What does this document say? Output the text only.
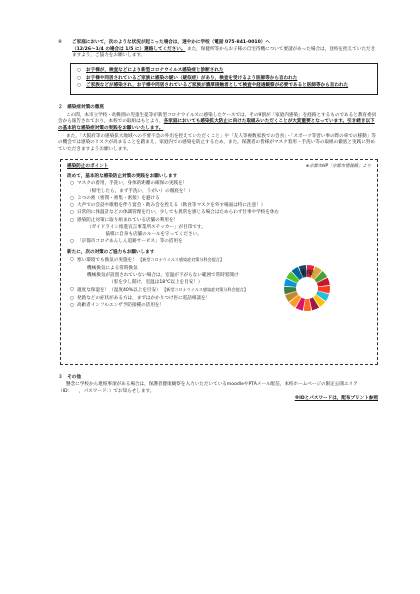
⑧	ご家庭において，次のような状況が起こった場合は，速やかに学校（電話 075-841-0010）へ
（12/26～1/4 の場合は 1/5 に）連絡してください。 また，保健所等からお子様の自宅待機について要請があった場合は，登校を控えていただきますよう，ご協力をお願いします。
○	お子様が，検査などにより新型コロナウイルス感染症と診断された
○	お子様や同居されているご家族に感染の疑い（疑似症）があり，検査を受けるよう医師等から言われた
○	ご家族などが感染され，お子様や同居されているご家族が濃厚接触者として検査や経過観察が必要であると医師等から言われた
２　感染症対策の徹底

この間，本市立学校・幼稚園の児童生徒等が新型コロナウイルスに感染したケースでは，その9割が「家庭内感染」を経路とするものであると教育委員会から報告されており，本校での取組はもとより，各家庭においても感染拡大防止に向けた取組みいただくことが大変重要となっています。引き続き以下の基本的な感染症対策の実践をお願いいたします。

また，「大阪府等の感染拡大地域への不要不急の外出を控えていただくこと」や「友人等複数家族での会食」・「スポーツ等習い事の際の車での移動」等の機会では感染のリスクが高まることを踏まえ，家庭内での感染を防止するため，また，保護者の皆様がマスク着用・手洗い等の取組の徹底と実践に努めていただきますようお願いします。

感染防止のポイント	※京都市HP「京都市情報館」より
改めて，基本的な感染防止対策の実践をお願いします
○ マスクの着用，手洗い，身体的距離の確保の実践を！
（帰宅したら，まず手洗い，うがい）の徹底を！）
○ ３つの密（密閉・密集・密接）を避ける
○ 大声での会話や歌唱を伴う宴会・飲み会を控える（飲食等マスクを外す場面は特に注意！）
○ 日常的に体温計などの体調管理を行い，少しでも異常を感じる場合はためらわず仕事や学校を休む
○ 感染防止対策に取り組まれている店舗の利用を！
（ガイドライン推進宣言事業所ステッカー」が目印です。
　　　　協模に自身も店舗のルールを守ってください。
○ 「京都市コロナあんしん追跡サービス」等の活用を
新たに，次の対策のご協力もお願いします
○ 寒い環境でも換気の実施を！ 【新型コロナウイルス感染症対策分科会提言】
機械換気による常時換気
機械換気が設置されていない場合は，室温が下がらない範囲で常時窓開け
（窓を少し開け，室温は18℃以上を目安！）
○ 適度な保湿を！（湿度40%以上を目安） 【新型コロナウイルス感染症対策分科会提言】
○ 発熱などの症状がある方は，まずはかかりつけ医に電話相談を！
○ 高齢者インフルエンザ予防接種の活用を！
持続可能な開発目標
３　その他

懸念に学校から連絡事項がある場合は，保護者健康観察を入力いただいているmoodleやPTAメール配信，本校ホームページの限定公開エリア（ID：　　，パスワード：）でお知らせします。

※IDとパスワードは，配布プリント参照
